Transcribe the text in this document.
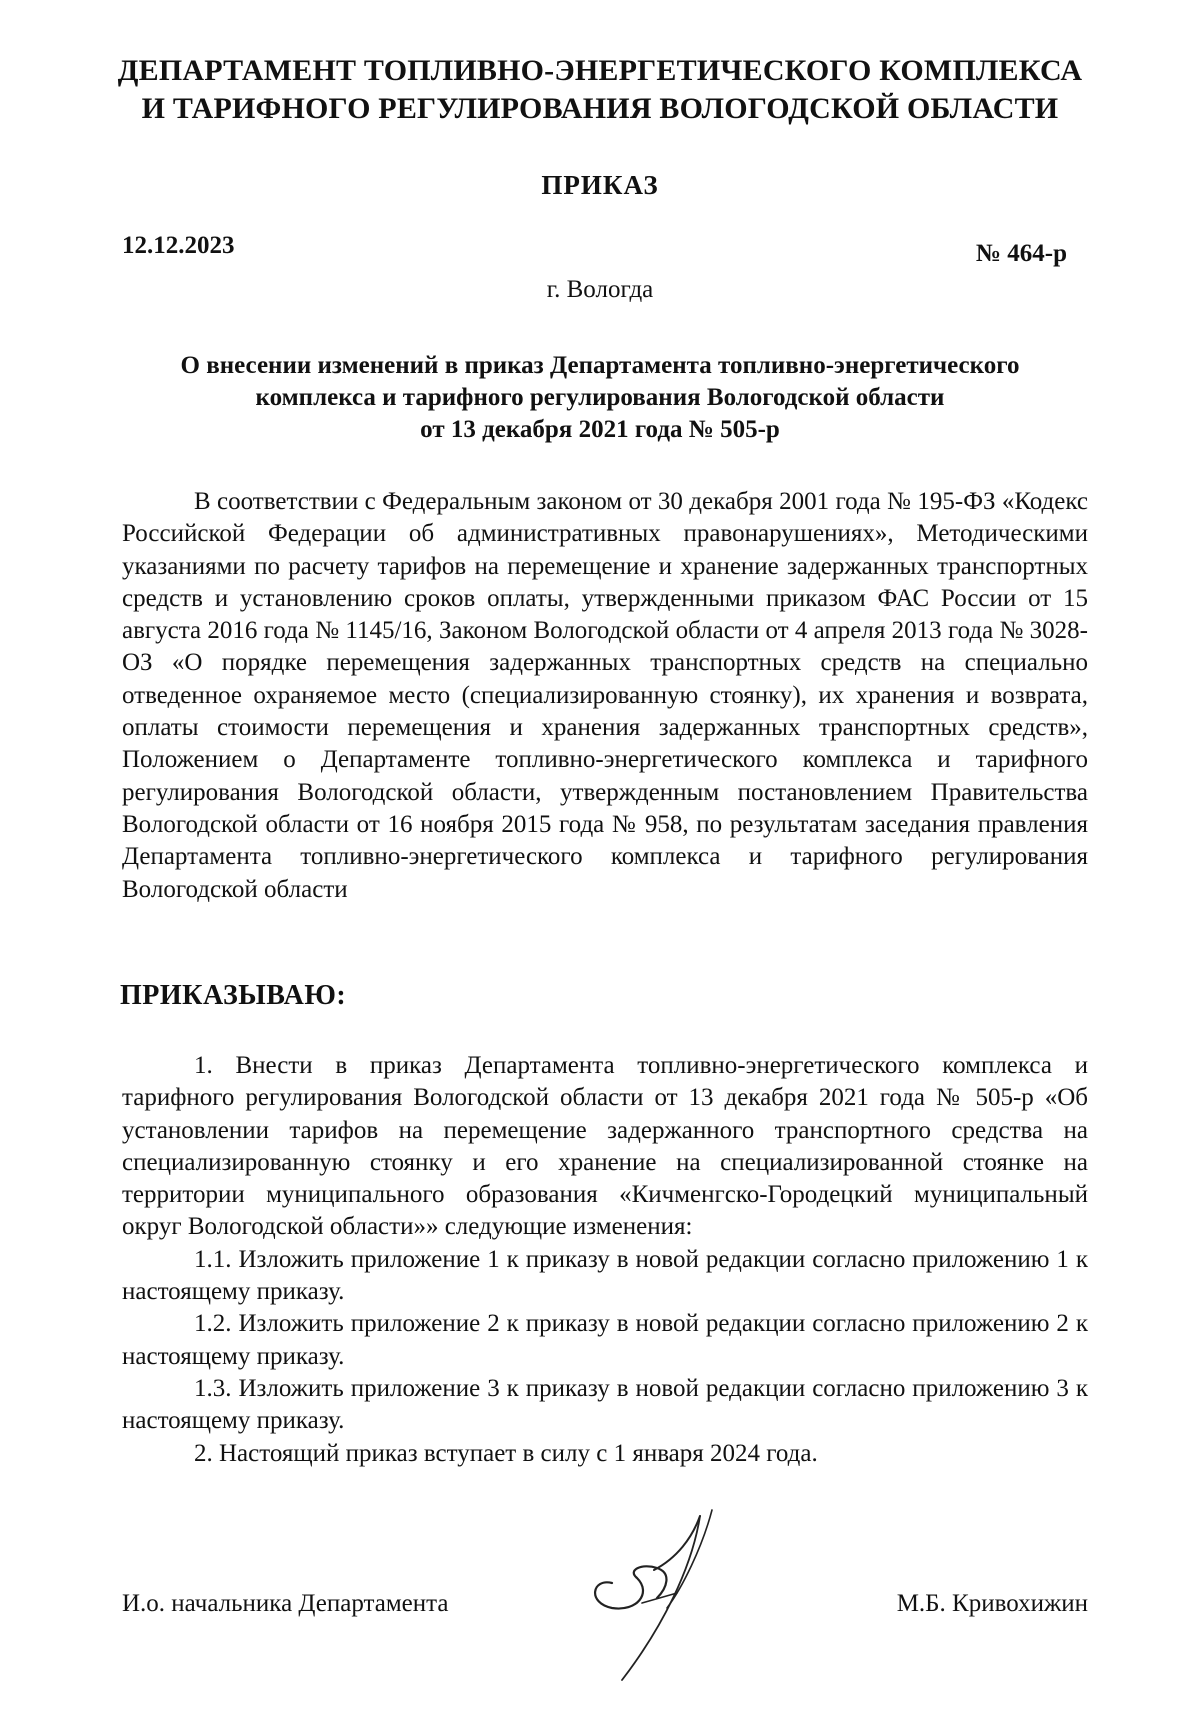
ДЕПАРТАМЕНТ ТОПЛИВНО-ЭНЕРГЕТИЧЕСКОГО КОМПЛЕКСА
И ТАРИФНОГО РЕГУЛИРОВАНИЯ ВОЛОГОДСКОЙ ОБЛАСТИ
ПРИКАЗ
12.12.2023	№ 464-р
г. Вологда
О внесении изменений в приказ Департамента топливно-энергетического
комплекса и тарифного регулирования Вологодской области
от 13 декабря 2021 года № 505-р

В соответствии с Федеральным законом от 30 декабря 2001 года № 195-ФЗ «Кодекс Российской Федерации об административных правонарушениях», Методическими указаниями по расчету тарифов на перемещение и хранение задержанных транспортных средств и установлению сроков оплаты, утвержденными приказом ФАС России от 15 августа 2016 года № 1145/16, Законом Вологодской области от 4 апреля 2013 года № 3028-ОЗ «О порядке перемещения задержанных транспортных средств на специально отведенное охраняемое место (специализированную стоянку), их хранения и возврата, оплаты стоимости перемещения и хранения задержанных транспортных средств», Положением о Департаменте топливно-энергетического комплекса и тарифного регулирования Вологодской области, утвержденным постановлением Правительства Вологодской области от 16 ноября 2015 года № 958, по результатам заседания правления Департамента топливно-энергетического комплекса и тарифного регулирования Вологодской области

ПРИКАЗЫВАЮ:

1. Внести в приказ Департамента топливно-энергетического комплекса и тарифного регулирования Вологодской области от 13 декабря 2021 года № 505-р «Об установлении тарифов на перемещение задержанного транспортного средства на специализированную стоянку и его хранение на специализированной стоянке на территории муниципального образования «Кичменгско-Городецкий муниципальный округ Вологодской области»» следующие изменения:

1.1. Изложить приложение 1 к приказу в новой редакции согласно приложению 1 к настоящему приказу.

1.2. Изложить приложение 2 к приказу в новой редакции согласно приложению 2 к настоящему приказу.

1.3. Изложить приложение 3 к приказу в новой редакции согласно приложению 3 к настоящему приказу.

2. Настоящий приказ вступает в силу с 1 января 2024 года.

И.о. начальника Департамента	М.Б. Кривохижин
